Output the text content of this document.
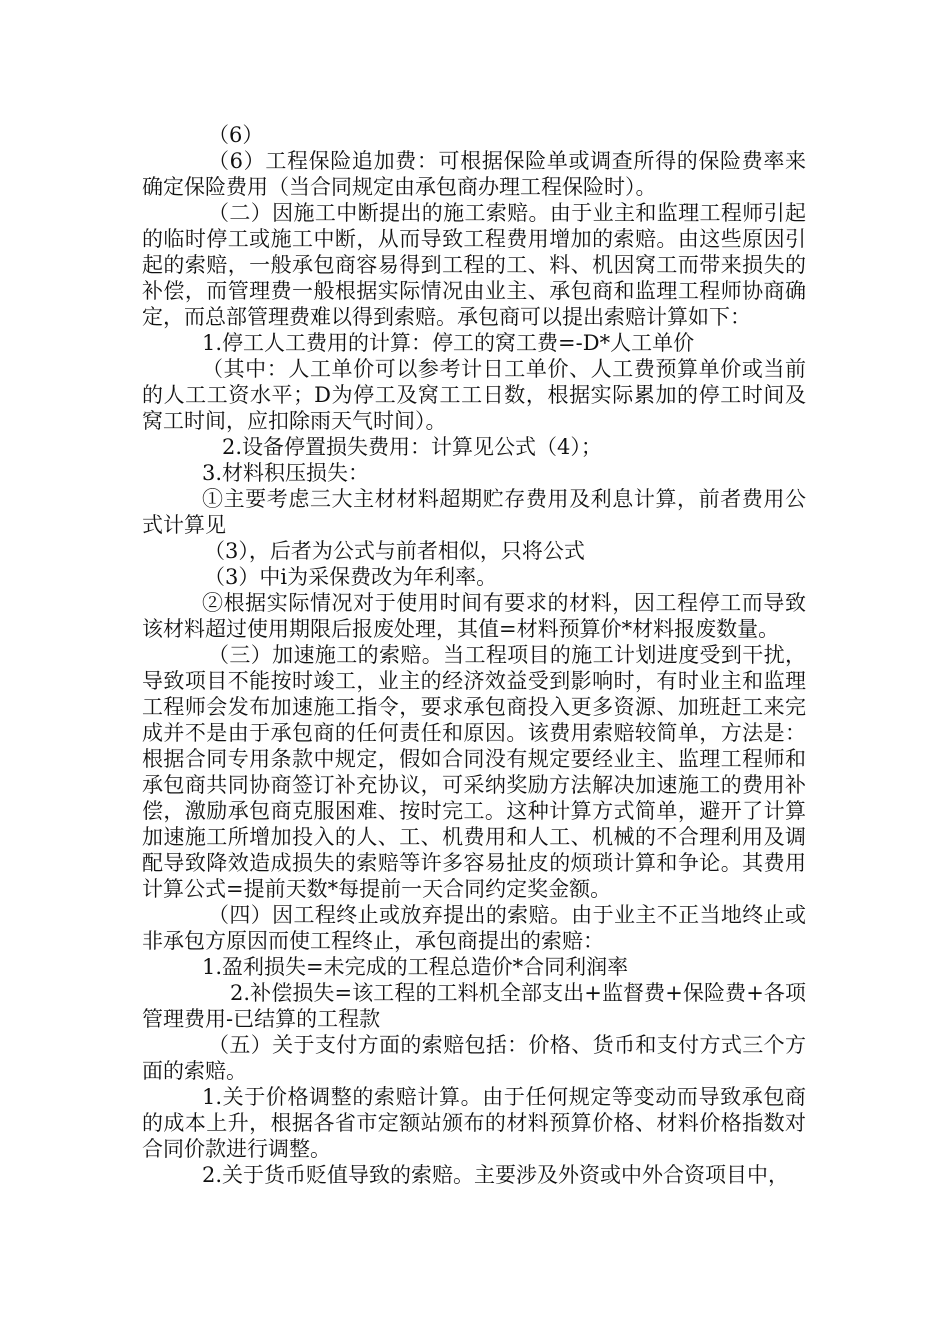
（6）

（6）工程保险追加费：可根据保险单或调查所得的保险费率来确定保险费用（当合同规定由承包商办理工程保险时）。

（二）因施工中断提出的施工索赔。由于业主和监理工程师引起的临时停工或施工中断，从而导致工程费用增加的索赔。由这些原因引起的索赔，一般承包商容易得到工程的工、料、机因窝工而带来损失的补偿，而管理费一般根据实际情况由业主、承包商和监理工程师协商确定，而总部管理费难以得到索赔。承包商可以提出索赔计算如下：

1.停工人工费用的计算：停工的窝工费=-D*人工单价

（其中：人工单价可以参考计日工单价、人工费预算单价或当前的人工工资水平；D为停工及窝工工日数，根据实际累加的停工时间及窝工时间，应扣除雨天气时间）。

2.设备停置损失费用：计算见公式（4）；

3.材料积压损失：

①主要考虑三大主材材料超期贮存费用及利息计算，前者费用公式计算见

（3），后者为公式与前者相似，只将公式

（3）中i为采保费改为年利率。

②根据实际情况对于使用时间有要求的材料，因工程停工而导致该材料超过使用期限后报废处理，其值=材料预算价*材料报废数量。

（三）加速施工的索赔。当工程项目的施工计划进度受到干扰，导致项目不能按时竣工，业主的经济效益受到影响时，有时业主和监理工程师会发布加速施工指令，要求承包商投入更多资源、加班赶工来完成并不是由于承包商的任何责任和原因。该费用索赔较简单，方法是：根据合同专用条款中规定，假如合同没有规定要经业主、监理工程师和承包商共同协商签订补充协议，可采纳奖励方法解决加速施工的费用补偿，激励承包商克服困难、按时完工。这种计算方式简单，避开了计算加速施工所增加投入的人、工、机费用和人工、机械的不合理利用及调配导致降效造成损失的索赔等许多容易扯皮的烦琐计算和争论。其费用计算公式=提前天数*每提前一天合同约定奖金额。

（四）因工程终止或放弃提出的索赔。由于业主不正当地终止或非承包方原因而使工程终止，承包商提出的索赔：

1.盈利损失=未完成的工程总造价*合同利润率

2.补偿损失=该工程的工料机全部支出+监督费+保险费+各项管理费用-已结算的工程款

（五）关于支付方面的索赔包括：价格、货币和支付方式三个方面的索赔。

1.关于价格调整的索赔计算。由于任何规定等变动而导致承包商的成本上升，根据各省市定额站颁布的材料预算价格、材料价格指数对合同价款进行调整。

2.关于货币贬值导致的索赔。主要涉及外资或中外合资项目中，
